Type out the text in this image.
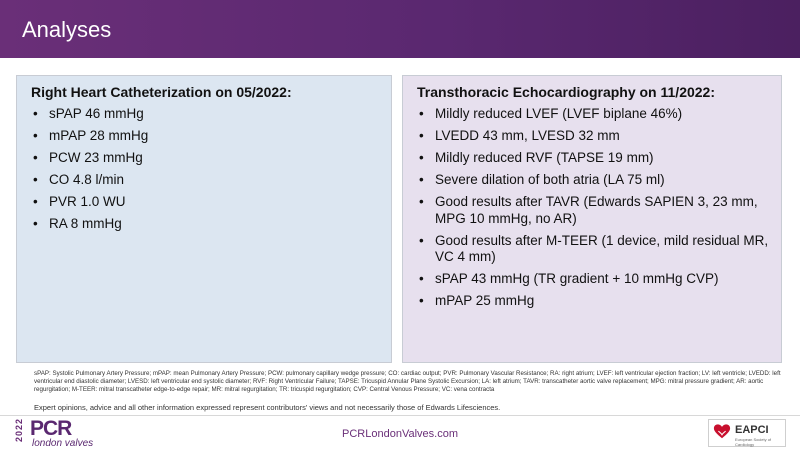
Analyses
Right Heart Catheterization on 05/2022:
• sPAP 46 mmHg
• mPAP 28 mmHg
• PCW 23 mmHg
• CO 4.8 l/min
• PVR 1.0 WU
• RA 8 mmHg
Transthoracic Echocardiography on 11/2022:
• Mildly reduced LVEF (LVEF biplane 46%)
• LVEDD 43 mm, LVESD 32 mm
• Mildly reduced RVF (TAPSE 19 mm)
• Severe dilation of both atria (LA 75 ml)
• Good results after TAVR (Edwards SAPIEN 3, 23 mm, MPG 10 mmHg, no AR)
• Good results after M-TEER (1 device, mild residual MR, VC 4 mm)
• sPAP 43 mmHg (TR gradient + 10 mmHg CVP)
• mPAP 25 mmHg
sPAP: Systolic Pulmonary Artery Pressure; mPAP: mean Pulmonary Artery Pressure; PCW: pulmonary capillary wedge pressure; CO: cardiac output; PVR: Pulmonary Vascular Resistance; RA: right atrium; LVEF: left ventricular ejection fraction; LV: left ventricle; LVEDD: left ventricular end diastolic diameter; LVESD: left ventricular end systolic diameter; RVF: Right Ventricular Failure; TAPSE: Tricuspid Annular Plane Systolic Excursion; LA: left atrium; TAVR: transcatheter aortic valve replacement; MPG: mitral pressure gradient; AR: aortic regurgitation; M-TEER: mitral transcatheter edge-to-edge repair; MR: mitral regurgitation; TR: tricuspid regurgitation; CVP: Central Venous Pressure; VC: vena contracta
Expert opinions, advice and all other information expressed represent contributors' views and not necessarily those of Edwards Lifesciences.
2022 PCR
london valves
PCRLondonValves.com	EAPCI
European Society of Cardiology
